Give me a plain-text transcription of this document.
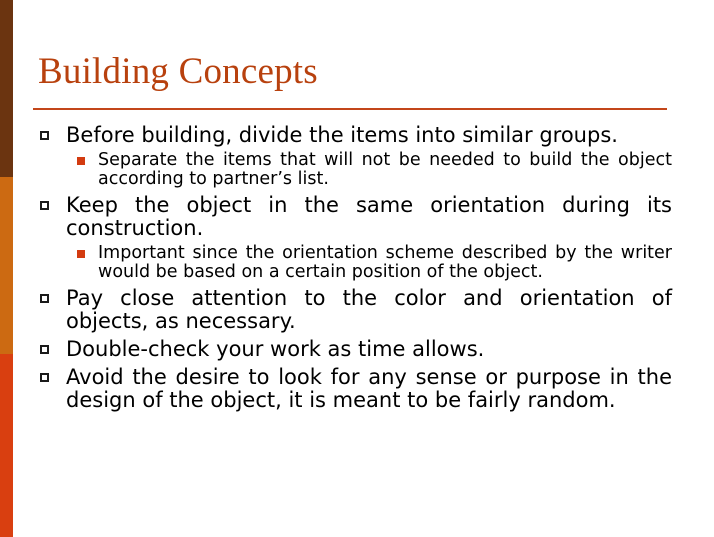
Building Concepts
Before building, divide the items into similar groups.
Separate the items that will not be needed to build the object according to partner’s list.
Keep the object in the same orientation during its construction.
Important since the orientation scheme described by the writer would be based on a certain position of the object.
Pay close attention to the color and orientation of objects, as necessary.
Double-check your work as time allows.
Avoid the desire to look for any sense or purpose in the design of the object, it is meant to be fairly random.
